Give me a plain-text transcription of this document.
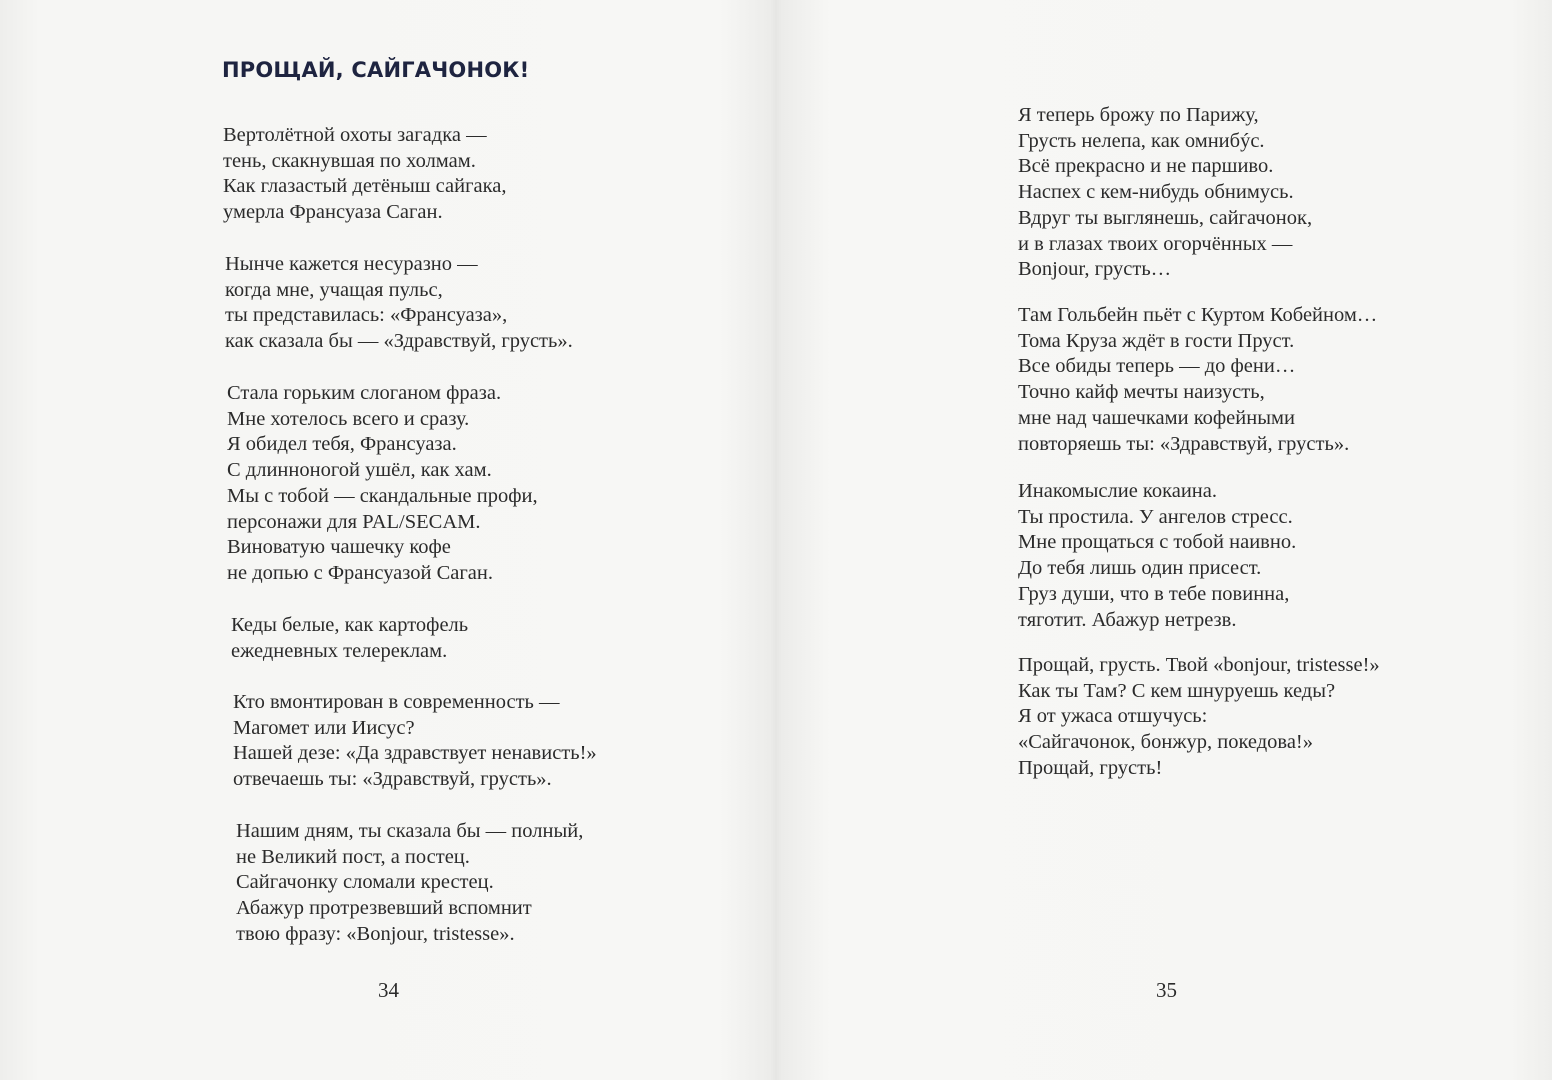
ПРОЩАЙ, САЙГАЧОНОК!
Вертолётной охоты загадка —
тень, скакнувшая по холмам.
Как глазастый детёныш сайгака,
умерла Франсуаза Саган.
Нынче кажется несуразно —
когда мне, учащая пульс,
ты представилась: «Франсуаза»,
как сказала бы — «Здравствуй, грусть».
Стала горьким слоганом фраза.
Мне хотелось всего и сразу.
Я обидел тебя, Франсуаза.
С длинноногой ушёл, как хам.
Мы с тобой — скандальные профи,
персонажи для PAL/SECAM.
Виноватую чашечку кофе
не допью с Франсуазой Саган.
Кеды белые, как картофель
ежедневных телереклам.
Кто вмонтирован в современность —
Магомет или Иисус?
Нашей дезе: «Да здравствует ненависть!»
отвечаешь ты: «Здравствуй, грусть».
Нашим дням, ты сказала бы — полный,
не Великий пост, а постец.
Сайгачонку сломали крестец.
Абажур протрезвевший вспомнит
твою фразу: «Bonjour, tristesse».
34
Я теперь брожу по Парижу,
Грусть нелепа, как омнибýс.
Всё прекрасно и не паршиво.
Наспех с кем-нибудь обнимусь.
Вдруг ты выглянешь, сайгачонок,
и в глазах твоих огорчённых —
Bonjour, грусть…
Там Гольбейн пьёт с Куртом Кобейном…
Тома Круза ждёт в гости Пруст.
Все обиды теперь — до фени…
Точно кайф мечты наизусть,
мне над чашечками кофейными
повторяешь ты: «Здравствуй, грусть».
Инакомыслие кокаина.
Ты простила. У ангелов стресс.
Мне прощаться с тобой наивно.
До тебя лишь один присест.
Груз души, что в тебе повинна,
тяготит. Абажур нетрезв.
Прощай, грусть. Твой «bonjour, tristesse!»
Как ты Там? С кем шнуруешь кеды?
Я от ужаса отшучусь:
«Сайгачонок, бонжур, покедова!»
Прощай, грусть!
35
